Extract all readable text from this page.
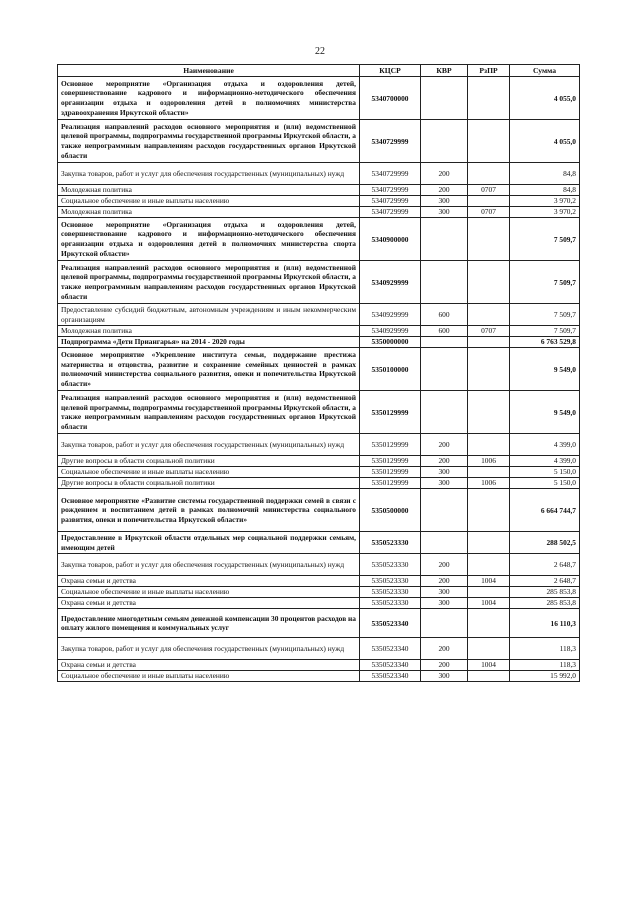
22
Наименование	КЦСР	КВР	РзПР	Сумма
Основное мероприятие «Организация отдыха и оздоровления детей, совершенствование кадрового и информационно-методического обеспечения организации отдыха и оздоровления детей в полномочиях министерства здравоохранения Иркутской области»	5340700000			4 055,0
Реализация направлений расходов основного мероприятия и (или) ведомственной целевой программы, подпрограммы государственной программы Иркутской области, а также непрограммным направлениям расходов государственных органов Иркутской области	5340729999			4 055,0
Закупка товаров, работ и услуг для обеспечения государственных (муниципальных) нужд	5340729999	200		84,8
Молодежная политика	5340729999	200	0707	84,8
Социальное обеспечение и иные выплаты населению	5340729999	300		3 970,2
Молодежная политика	5340729999	300	0707	3 970,2
Основное мероприятие «Организация отдыха и оздоровления детей, совершенствование кадрового и информационно-методического обеспечения организации отдыха и оздоровления детей в полномочиях министерства спорта Иркутской области»	5340900000			7 509,7
Реализация направлений расходов основного мероприятия и (или) ведомственной целевой программы, подпрограммы государственной программы Иркутской области, а также непрограммным направлениям расходов государственных органов Иркутской области	5340929999			7 509,7
Предоставление субсидий бюджетным, автономным учреждениям и иным некоммерческим организациям	5340929999	600		7 509,7
Молодежная политика	5340929999	600	0707	7 509,7
Подпрограмма «Дети Приангарья» на 2014 - 2020 годы	5350000000			6 763 529,8
Основное мероприятие «Укрепление института семьи, поддержание престижа материнства и отцовства, развитие и сохранение семейных ценностей в рамках полномочий министерства социального развития, опеки и попечительства Иркутской области»	5350100000			9 549,0
Реализация направлений расходов основного мероприятия и (или) ведомственной целевой программы, подпрограммы государственной программы Иркутской области, а также непрограммным направлениям расходов государственных органов Иркутской области	5350129999			9 549,0
Закупка товаров, работ и услуг для обеспечения государственных (муниципальных) нужд	5350129999	200		4 399,0
Другие вопросы в области социальной политики	5350129999	200	1006	4 399,0
Социальное обеспечение и иные выплаты населению	5350129999	300		5 150,0
Другие вопросы в области социальной политики	5350129999	300	1006	5 150,0
Основное мероприятие «Развитие системы государственной поддержки семей в связи с рождением и воспитанием детей в рамках полномочий министерства социального развития, опеки и попечительства Иркутской области»	5350500000			6 664 744,7
Предоставление в Иркутской области отдельных мер социальной поддержки семьям, имеющим детей	5350523330			288 502,5
Закупка товаров, работ и услуг для обеспечения государственных (муниципальных) нужд	5350523330	200		2 648,7
Охрана семьи и детства	5350523330	200	1004	2 648,7
Социальное обеспечение и иные выплаты населению	5350523330	300		285 853,8
Охрана семьи и детства	5350523330	300	1004	285 853,8
Предоставление многодетным семьям денежной компенсации 30 процентов расходов на оплату жилого помещения и коммунальных услуг	5350523340			16 110,3
Закупка товаров, работ и услуг для обеспечения государственных (муниципальных) нужд	5350523340	200		118,3
Охрана семьи и детства	5350523340	200	1004	118,3
Социальное обеспечение и иные выплаты населению	5350523340	300		15 992,0
